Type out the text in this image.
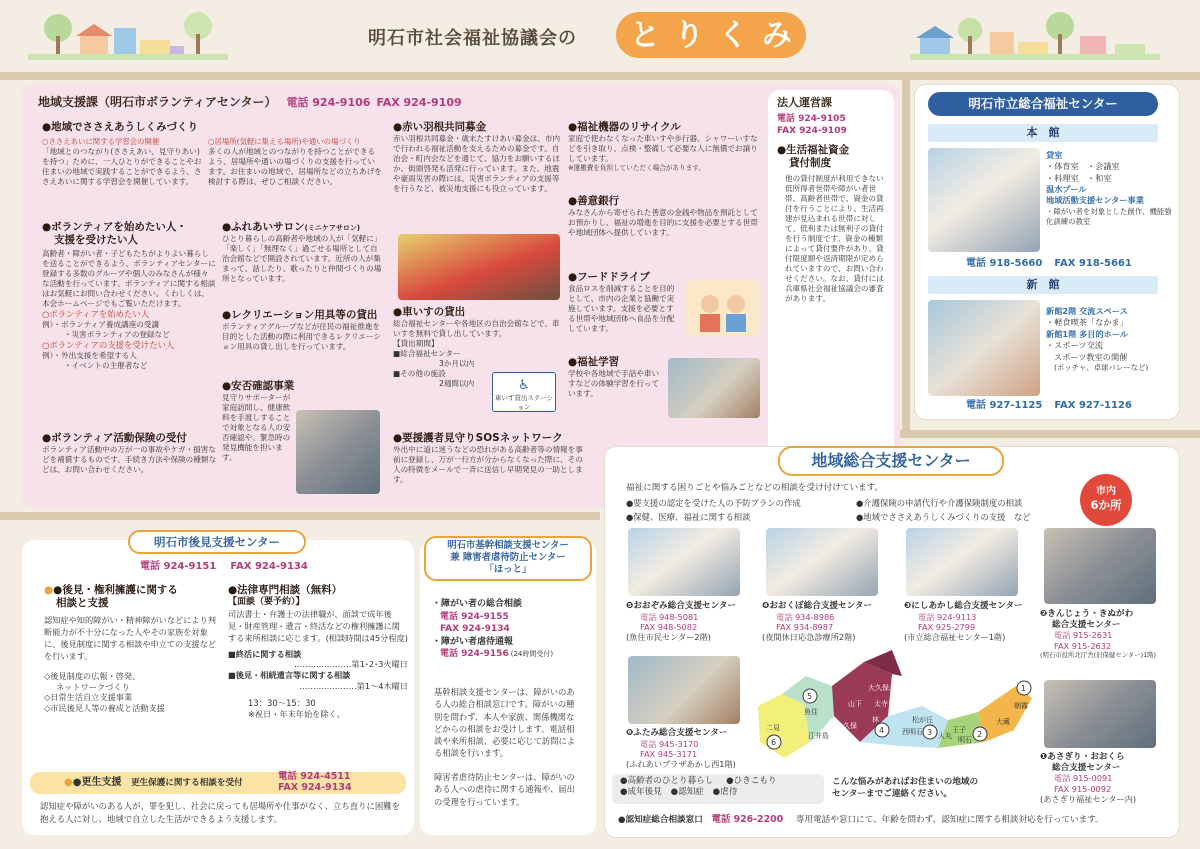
明石市社会福祉協議会の と り く み
地域支援課（明石市ボランティアセンター） 電話 924-9106 FAX 924-9109
●地域でささえあうしくみづくり
○ささえあいに関する学習会の開催
「地域とのつながり(ささえあい、見守りあい)を持つ」ために、一人ひとりができることやお住まいの地域で実践することができるよう、ささえあいに関する学習会を開催しています。
○居場所(気軽に集える場所)や通いの場づくり
多くの人が地域とのつながりを持つことができるよう、居場所や通いの場づくりの支援を行っています。お住まいの地域で、居場所などの立ちあげを検討する際は、ぜひご相談ください。
●ボランティアを始めたい人・
支援を受けたい人
高齢者・障がい者・子どもたちがよりよい暮らしを送ることができるよう、ボランティアセンターに登録する多数のグループや個人のみなさんが様々な活動を行っています。ボランティアに関する相談はお気軽にお問い合わせください。くわしくは、本会ホームページでもご覧いただけます。
○ボランティアを始めたい人
例）・ボランティア養成講座の受講
・災害ボランティアの登録など
○ボランティアの支援を受けたい人
例）・外出支援を希望する人
・イベントの主催者など
●ボランティア活動保険の受付
ボランティア活動中の万が一の事故やケガ・損害などを補償するものです。手続き方法や保険の種類などは、お問い合わせください。
●ふれあいサロン(ミニケアサロン)
ひとり暮らしの高齢者や地域の人が「気軽に」「楽しく」「無理なく」過ごせる場所として自治会館などで開設されています。近所の人が集まって、話したり、歌ったりと仲間づくりの場所となっています。
●レクリエーション用具等の貸出
ボランティアグループなどが住民の福祉推進を目的とした活動の際に利用できるレクリエーション用具の貸し出しを行っています。
●安否確認事業
見守りサポーターが家庭訪問し、健康飲料を手渡しすることで対象となる人の安否確認や、緊急時の発見機能を担います。
●赤い羽根共同募金
赤い羽根共同募金・歳末たすけあい募金は、市内で行われる福祉活動を支えるための募金です。自治会・町内会などを通じて、協力をお願いするほか、街頭啓発も活発に行っています。また、地震や豪雨災害の際には、災害ボランティアの支援等を行うなど、被災地支援にも役立っています。
●車いすの貸出
総合福祉センターや各地区の自治会館などで、車いすを無料で貸し出しています。
【貸出期間】
■総合福祉センター
3か月以内
■その他の施設
2週間以内	♿
車いす貸出ステーション
●要援護者見守りSOSネットワーク
外出中に道に迷うなどの恐れがある高齢者等の情報を事前に登録し、万が一行方が分からなくなった際に、その人の特徴をメールで一斉に送信し早期発見の一助とします。
●福祉機器のリサイクル
家庭で使わなくなった車いすや歩行器、シャワーいすなどを引き取り、点検・整備して必要な人に無償でお譲りしています。
※運搬費を負担していただく場合があります。
●善意銀行
みなさんから寄せられた善意の金銭や物品を預託としてお預かりし、福祉の増進を目的に支援を必要とする世帯や地域団体へ提供しています。
●フードドライブ
食品ロスを削減することを目的として、市内の企業と協働で実施しています。支援を必要とする世帯や地域団体へ食品を分配しています。
●福祉学習
学校や各地域で手話や車いすなどの体験学習を行っています。
法人運営課
電話 924-9105
FAX 924-9109
●生活福祉資金
貸付制度
他の貸付制度が利用できない低所得者世帯や障がい者世帯、高齢者世帯で、資金の貸付を行うことにより、生活再建が見込まれる世帯に対して、低利または無利子の貸付を行う制度です。資金の種類によって貸付要件があり、貸付限度額や返済期限が定められていますので、お問い合わせください。なお、貸付には兵庫県社会福祉協議会の審査があります。
明石市立総合福祉センター
本　館
貸室
・体育室　・会議室
・料理室　・和室
温水プール
地域活動支援センター事業
・障がい者を対象とした創作、機能強化訓練の教室
電話 918-5660 FAX 918-5661
新　館
新館2階 交流スペース
・軽食喫茶「なかま」
新館1階 多目的ホール
・スポーツ交流
スポーツ教室の開催
(ボッチャ、卓球バレーなど)
電話 927-1125 FAX 927-1126
明石市後見支援センター
電話 924-9151 FAX 924-9134
●●後見・権利擁護に関する
相談と支援
認知症や知的障がい・精神障がいなどにより判断能力が不十分になった人やその家族を対象に、後見制度に関する相談や申立ての支援などを行います。
◇後見制度の広報・啓発、
ネットワークづくり
◇日常生活自立支援事業
◇市民後見人等の養成と活動支援
●法律専門相談（無料）
【面談（要予約）】
司法書士・弁護士の法律職が、面談で成年後見・財産管理・遺言・終活などの権利擁護に関する来所相談に応じます。(相談時間は45分程度)
■終活に関する相談
…………………第1･2･3火曜日
■後見・相続遺言等に関する相談
…………………第1～4木曜日
13：30～15：30
※祝日・年末年始を除く。
●●更生支援 更生保護に関する相談を受付
電話 924-4511
FAX 924-9134
認知症や障がいのある人が、罪を犯し、社会に戻っても居場所や仕事がなく、立ち直りに困難を抱える人に対し、地域で自立した生活ができるよう支援します。
明石市基幹相談支援センター
兼 障害者虐待防止センター
「ほっと」
・障がい者の総合相談
電話 924-9155
FAX 924-9134
・障がい者虐待通報
電話 924-9156 (24時間受付)
基幹相談支援センターは、障がいのある人の総合相談窓口です。障がいの種別を問わず、本人や家族、関係機関などからの相談をお受けします。電話相談や来所相談、必要に応じて訪問による相談を行います。
障害者虐待防止センターは、障がいのある人への虐待に関する通報や、届出の受理を行っています。
地域総合支援センター
市内
6か所
福祉に関する困りごとや悩みごとなどの相談を受け付けています。
●要支援の認定を受けた人の予防プランの作成	●介護保険の申請代行や介護保険制度の相談
●保健、医療、福祉に関する相談	●地域でささえあうしくみづくりの支援　など
❺おおぞみ総合支援センター
電話 948-5081
FAX 948-5082
(魚住市民センター2階)
❹おおくぼ総合支援センター
電話 934-8986
FAX 934-8987
(夜間休日応急診療所2階)
❸にしあかし総合支援センター
電話 924-9113
FAX 925-2799
(市立総合福祉センター1階)
❷きんじょう・きぬがわ
総合支援センター
電話 915-2631
FAX 915-2632
(明石市役所北庁舎(旧保健センター)1階)
❻ふたみ総合支援センター
電話 945-3170
FAX 945-3171
(ふれあいプラザあかし西1階)
❶あさぎり・おおくら
総合支援センター
電話 915-0091
FAX 915-0092
(あさぎり福祉センター内)
二見
魚住
大久保
江井島	西明石
大久保北
松が丘
王子
明石
人丸
大蔵
朝霧
林
太寺
山下
1
2
3
4
5
6
●高齢者のひとり暮らし ●ひきこもり
●成年後見 ●認知症 ●虐待
こんな悩みがあればお住まいの地域の
センターまでご連絡ください。
●認知症総合相談窓口 電話 926-2200 専用電話や窓口にて、年齢を問わず、認知症に関する相談対応を行っています。
